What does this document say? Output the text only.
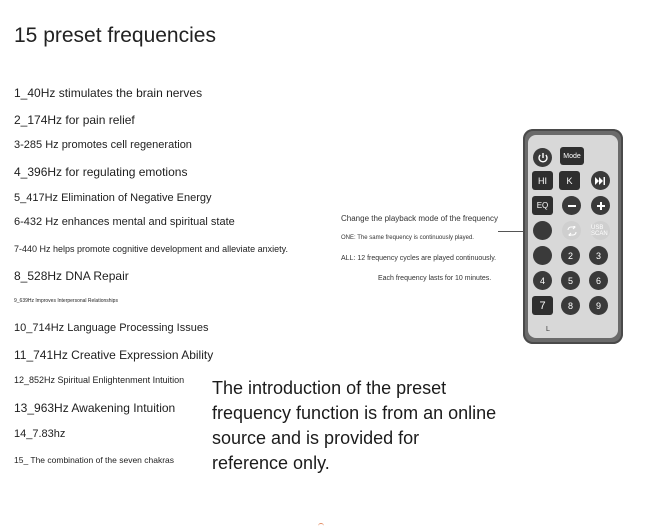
15 preset frequencies
1_40Hz stimulates the brain nerves
2_174Hz for pain relief
3-285 Hz promotes cell regeneration
4_396Hz for regulating emotions
5_417Hz Elimination of Negative Energy
6-432 Hz enhances mental and spiritual state
7-440 Hz helps promote cognitive development and alleviate anxiety.
8_528Hz DNA Repair
9_639Hz Improves Interpersonal Relationships
10_714Hz Language Processing Issues
11_741Hz Creative Expression Ability
12_852Hz Spiritual Enlightenment Intuition
13_963Hz Awakening Intuition
14_7.83hz
15_ The combination of the seven chakras
The introduction of the preset frequency function is from an online source and is provided for reference only.
Change the playback mode of the frequency
ONE: The same frequency is continuously played.
ALL: 12 frequency cycles are played continuously.
Each frequency lasts for 10 minutes.
Mode
HI	K
EQ
USB SCAN
2	3
4	5	6
7	8	9
L
